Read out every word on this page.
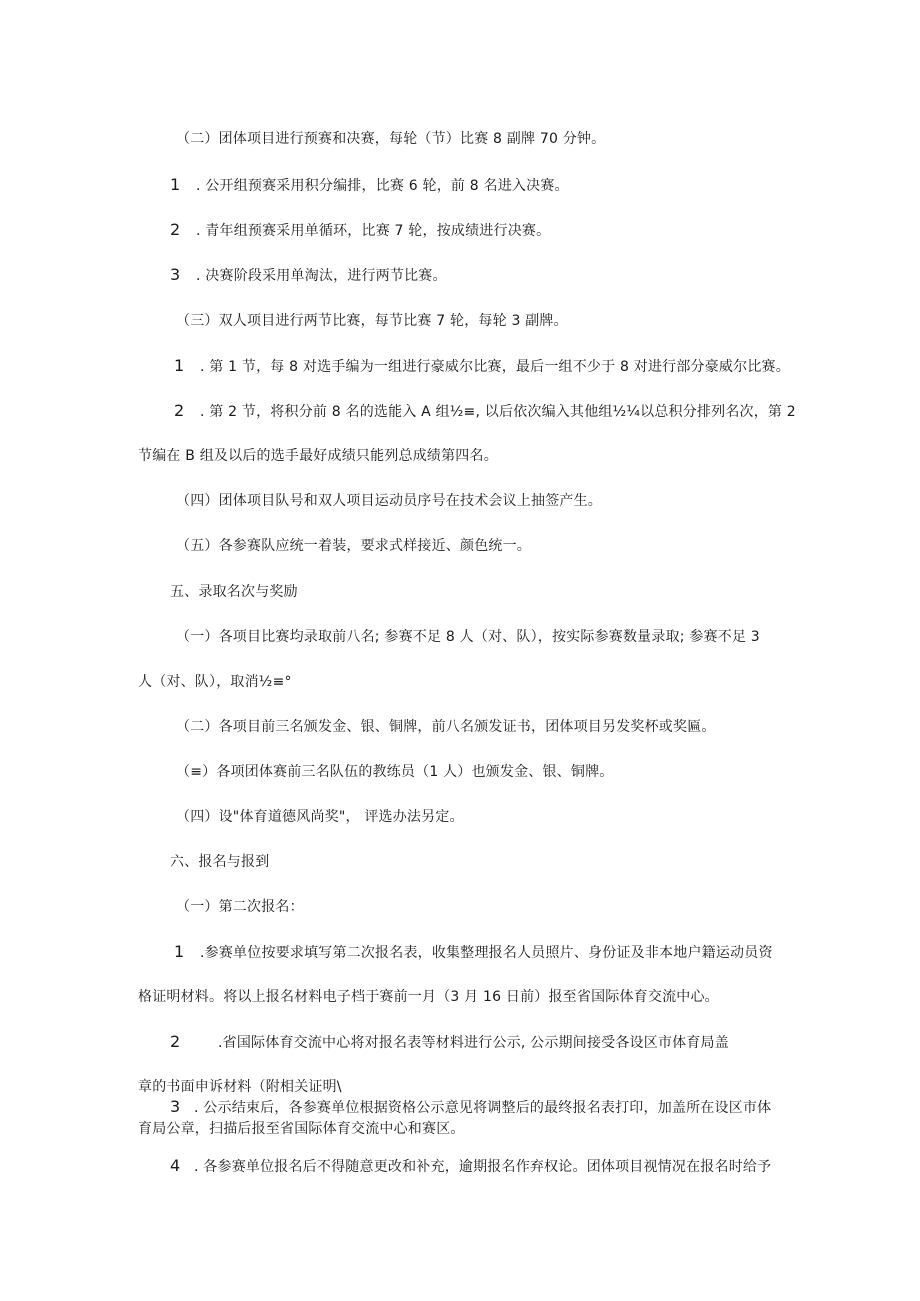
（二）团体项目进行预赛和决赛，每轮（节）比赛 8 副牌 70 分钟。
1 . 公开组预赛采用积分编排，比赛 6 轮，前 8 名进入决赛。
2 . 青年组预赛采用单循环，比赛 7 轮，按成绩进行决赛。
3 . 决赛阶段采用单淘汰，进行两节比赛。
（三）双人项目进行两节比赛，每节比赛 7 轮，每轮 3 副牌。
1 . 第 1 节，每 8 对选手编为一组进行豪威尔比赛，最后一组不少于 8 对进行部分豪威尔比赛。
2 . 第 2 节，将积分前 8 名的选能入 A 组½≡, 以后依次编入其他组½¼以总积分排列名次，第 2
节编在 B 组及以后的选手最好成绩只能列总成绩第四名。
（四）团体项目队号和双人项目运动员序号在技术会议上抽签产生。
（五）各参赛队应统一着装，要求式样接近、颜色统一。
五、录取名次与奖励
（一）各项目比赛均录取前八名; 参赛不足 8 人（对、队），按实际参赛数量录取; 参赛不足 3
人（对、队），取消½≡°
（二）各项目前三名颁发金、银、铜牌，前八名颁发证书，团体项目另发奖杯或奖匾。
（≡）各项团体赛前三名队伍的教练员（1 人）也颁发金、银、铜牌。
（四）设"体育道德风尚奖"， 评选办法另定。
六、报名与报到
（一）第二次报名：
1 .参赛单位按要求填写第二次报名表，收集整理报名人员照片、身份证及非本地户籍运动员资
格证明材料。将以上报名材料电子档于赛前一月（3 月 16 日前）报至省国际体育交流中心。
2	.省国际体育交流中心将对报名表等材料进行公示, 公示期间接受各设区市体育局盖
章的书面申诉材料（附相关证明\
3 . 公示结束后，各参赛单位根据资格公示意见将调整后的最终报名表打印，加盖所在设区市体
育局公章，扫描后报至省国际体育交流中心和赛区。
4 . 各参赛单位报名后不得随意更改和补充，逾期报名作弃权论。团体项目视情况在报名时给予
